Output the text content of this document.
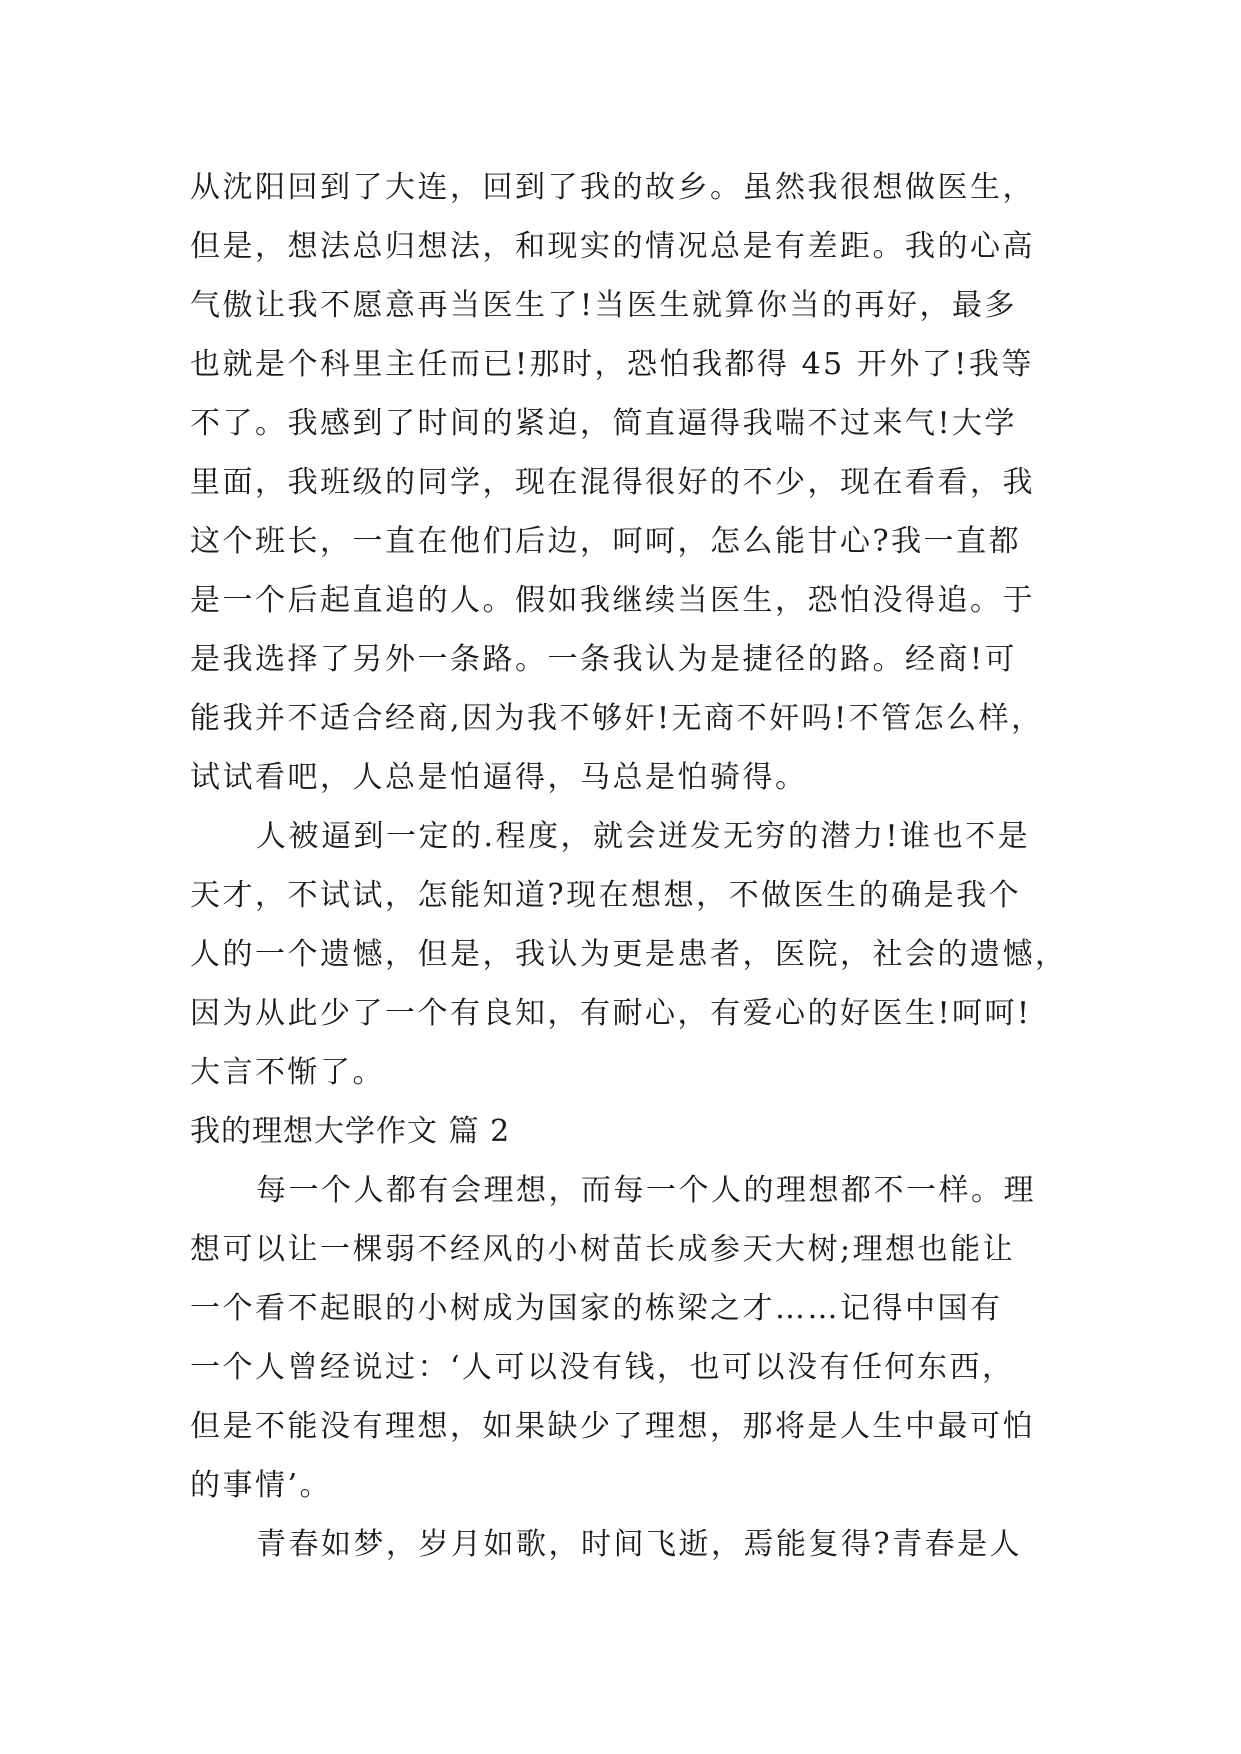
从沈阳回到了大连，回到了我的故乡。虽然我很想做医生，
但是，想法总归想法，和现实的情况总是有差距。我的心高
气傲让我不愿意再当医生了!当医生就算你当的再好，最多
也就是个科里主任而已!那时，恐怕我都得 45 开外了!我等
不了。我感到了时间的紧迫，简直逼得我喘不过来气!大学
里面，我班级的同学，现在混得很好的不少，现在看看，我
这个班长，一直在他们后边，呵呵，怎么能甘心?我一直都
是一个后起直追的人。假如我继续当医生，恐怕没得追。于
是我选择了另外一条路。一条我认为是捷径的路。经商!可
能我并不适合经商,因为我不够奸!无商不奸吗!不管怎么样，
试试看吧，人总是怕逼得，马总是怕骑得。
人被逼到一定的.程度，就会迸发无穷的潜力!谁也不是
天才，不试试，怎能知道?现在想想，不做医生的确是我个
人的一个遗憾，但是，我认为更是患者，医院，社会的遗憾，
因为从此少了一个有良知，有耐心，有爱心的好医生!呵呵!
大言不惭了。
我的理想大学作文 篇 2
每一个人都有会理想，而每一个人的理想都不一样。理
想可以让一棵弱不经风的小树苗长成参天大树;理想也能让
一个看不起眼的小树成为国家的栋梁之才……记得中国有
一个人曾经说过：‘人可以没有钱，也可以没有任何东西，
但是不能没有理想，如果缺少了理想，那将是人生中最可怕
的事情’。
青春如梦，岁月如歌，时间飞逝，焉能复得?青春是人
